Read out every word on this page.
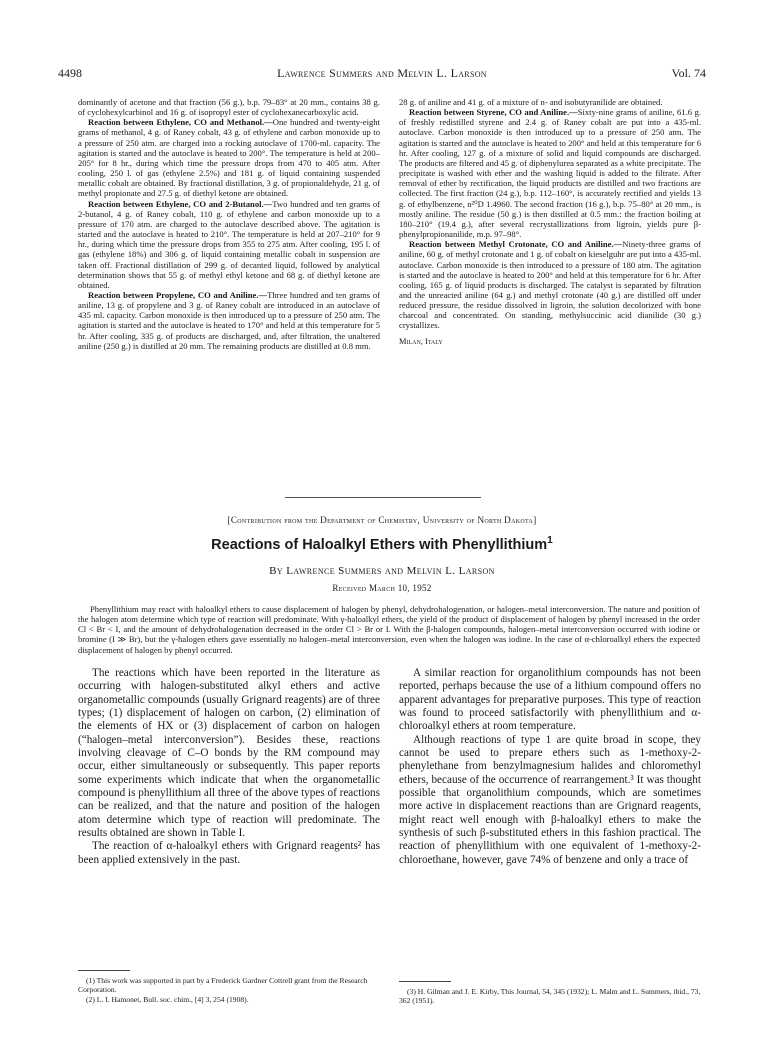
4498	Lawrence Summers and Melvin L. Larson	Vol. 74

dominantly of acetone and that fraction (56 g.), b.p. 79–83° at 20 mm., contains 38 g. of cyclohexylcarbinol and 16 g. of isopropyl ester of cyclohexanecarboxylic acid.

Reaction between Ethylene, CO and Methanol.—One hundred and twenty-eight grams of methanol, 4 g. of Raney cobalt, 43 g. of ethylene and carbon monoxide up to a pressure of 250 atm. are charged into a rocking autoclave of 1700-ml. capacity. The agitation is started and the autoclave is heated to 200°. The temperature is held at 200–205° for 8 hr., during which time the pressure drops from 470 to 405 atm. After cooling, 250 l. of gas (ethylene 2.5%) and 181 g. of liquid containing suspended metallic cobalt are obtained. By fractional distillation, 3 g. of propionaldehyde, 21 g. of methyl propionate and 27.5 g. of diethyl ketone are obtained.

Reaction between Ethylene, CO and 2-Butanol.—Two hundred and ten grams of 2-butanol, 4 g. of Raney cobalt, 110 g. of ethylene and carbon monoxide up to a pressure of 170 atm. are charged to the autoclave described above. The agitation is started and the autoclave is heated to 210°. The temperature is held at 207–210° for 9 hr., during which time the pressure drops from 355 to 275 atm. After cooling, 195 l. of gas (ethylene 18%) and 306 g. of liquid containing metallic cobalt in suspension are taken off. Fractional distillation of 299 g. of decanted liquid, followed by analytical determination shows that 55 g. of methyl ethyl ketone and 68 g. of diethyl ketone are obtained.

Reaction between Propylene, CO and Aniline.—Three hundred and ten grams of aniline, 13 g. of propylene and 3 g. of Raney cobalt are introduced in an autoclave of 435 ml. capacity. Carbon monoxide is then introduced up to a pressure of 250 atm. The agitation is started and the autoclave is heated to 170° and held at this temperature for 5 hr. After cooling, 335 g. of products are discharged, and, after filtration, the unaltered aniline (250 g.) is distilled at 20 mm. The remaining products are distilled at 0.8 mm.

28 g. of aniline and 41 g. of a mixture of n- and isobutyranilide are obtained.

Reaction between Styrene, CO and Aniline.—Sixty-nine grams of aniline, 61.6 g. of freshly redistilled styrene and 2.4 g. of Raney cobalt are put into a 435-ml. autoclave. Carbon monoxide is then introduced up to a pressure of 250 atm. The agitation is started and the autoclave is heated to 200° and held at this temperature for 6 hr. After cooling, 127 g. of a mixture of solid and liquid compounds are discharged. The products are filtered and 45 g. of diphenylurea separated as a white precipitate. The precipitate is washed with ether and the washing liquid is added to the filtrate. After removal of ether by rectification, the liquid products are distilled and two fractions are collected. The first fraction (24 g.), b.p. 112–160°, is accurately rectified and yields 13 g. of ethylbenzene, n²⁰D 1.4960. The second fraction (16 g.), b.p. 75–80° at 20 mm., is mostly aniline. The residue (50 g.) is then distilled at 0.5 mm.: the fraction boiling at 180–210° (19.4 g.), after several recrystallizations from ligroin, yields pure β-phenylpropionanilide, m.p. 97–98°.

Reaction between Methyl Crotonate, CO and Aniline.—Ninety-three grams of aniline, 60 g. of methyl crotonate and 1 g. of cobalt on kieselguhr are put into a 435-ml. autoclave. Carbon monoxide is then introduced to a pressure of 180 atm. The agitation is started and the autoclave is heated to 200° and held at this temperature for 6 hr. After cooling, 165 g. of liquid products is discharged. The catalyst is separated by filtration and the unreacted aniline (64 g.) and methyl crotonate (40 g.) are distilled off under reduced pressure, the residue dissolved in ligroin, the solution decolorized with bone charcoal and concentrated. On standing, methylsuccinic acid dianilide (30 g.) crystallizes.

Milan, Italy

[Contribution from the Department of Chemistry, University of North Dakota]
Reactions of Haloalkyl Ethers with Phenyllithium$^1$
By Lawrence Summers and Melvin L. Larson
Received March 10, 1952

Phenyllithium may react with haloalkyl ethers to cause displacement of halogen by phenyl, dehydrohalogenation, or halogen–metal interconversion. The nature and position of the halogen atom determine which type of reaction will predominate. With γ-haloalkyl ethers, the yield of the product of displacement of halogen by phenyl increased in the order Cl < Br < I, and the amount of dehydrohalogenation decreased in the order Cl > Br or I. With the β-halogen compounds, halogen–metal interconversion occurred with iodine or bromine (I ≫ Br), but the γ-halogen ethers gave essentially no halogen–metal interconversion, even when the halogen was iodine. In the case of α-chloroalkyl ethers the expected displacement of halogen by phenyl occurred.

The reactions which have been reported in the literature as occurring with halogen-substituted alkyl ethers and active organometallic compounds (usually Grignard reagents) are of three types; (1) displacement of halogen on carbon, (2) elimination of the elements of HX or (3) displacement of carbon on halogen (“halogen–metal interconversion”). Besides these, reactions involving cleavage of C–O bonds by the RM compound may occur, either simultaneously or subsequently. This paper reports some experiments which indicate that when the organometallic compound is phenyllithium all three of the above types of reactions can be realized, and that the nature and position of the halogen atom determine which type of reaction will predominate. The results obtained are shown in Table I.

The reaction of α-haloalkyl ethers with Grignard reagents² has been applied extensively in the past.

A similar reaction for organolithium compounds has not been reported, perhaps because the use of a lithium compound offers no apparent advantages for preparative purposes. This type of reaction was found to proceed satisfactorily with phenyllithium and α-chloroalkyl ethers at room temperature.

Although reactions of type 1 are quite broad in scope, they cannot be used to prepare ethers such as 1-methoxy-2-phenylethane from benzylmagnesium halides and chloromethyl ethers, because of the occurrence of rearrangement.³ It was thought possible that organolithium compounds, which are sometimes more active in displacement reactions than are Grignard reagents, might react well enough with β-haloalkyl ethers to make the synthesis of such β-substituted ethers in this fashion practical. The reaction of phenyllithium with one equivalent of 1-methoxy-2-chloroethane, however, gave 74% of benzene and only a trace of

(1) This work was supported in part by a Frederick Gardner Cottrell grant from the Research Corporation.

(2) L. I. Hamonet, Bull. soc. chim., [4] 3, 254 (1908).

(3) H. Gilman and J. E. Kirby, This Journal, 54, 345 (1932); L. Malm and L. Summers, ibid., 73, 362 (1951).
